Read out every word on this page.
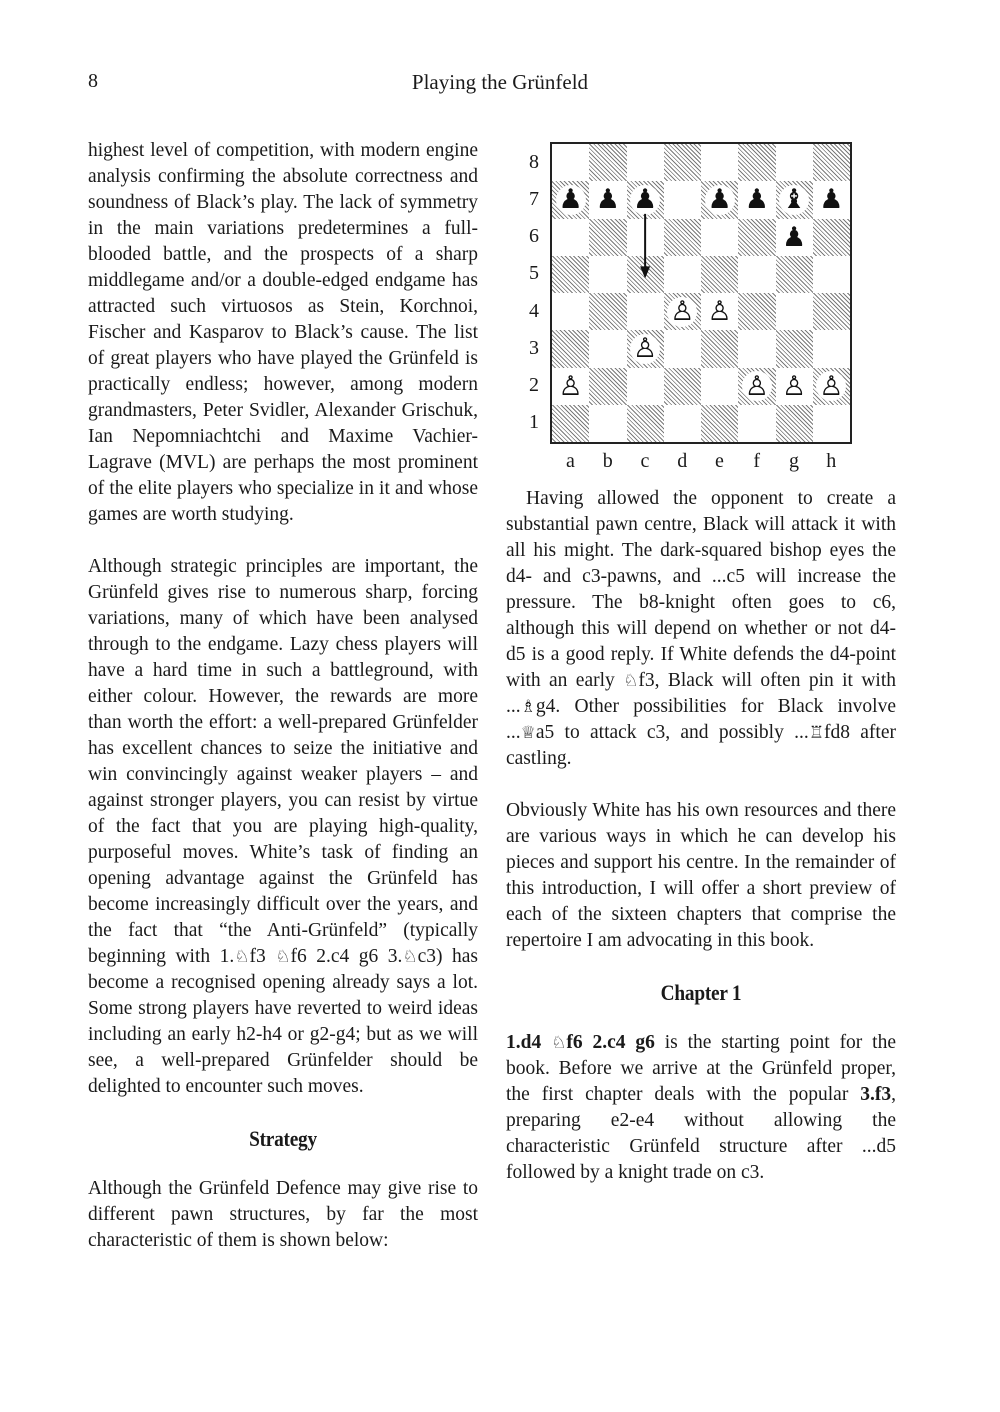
8	Playing the Grünfeld

highest level of competition, with modern engine analysis confirming the absolute correctness and soundness of Black’s play. The lack of symmetry in the main variations predetermines a full-blooded battle, and the prospects of a sharp middlegame and/or a double-edged endgame has attracted such virtuosos as Stein, Korchnoi, Fischer and Kasparov to Black’s cause. The list of great players who have played the Grünfeld is practically endless; however, among modern grandmasters, Peter Svidler, Alexander Grischuk, Ian Nepomniachtchi and Maxime Vachier-Lagrave (MVL) are perhaps the most prominent of the elite players who specialize in it and whose games are worth studying.

Although strategic principles are important, the Grünfeld gives rise to numerous sharp, forcing variations, many of which have been analysed through to the endgame. Lazy chess players will have a hard time in such a battleground, with either colour. However, the rewards are more than worth the effort: a well-prepared Grünfelder has excellent chances to seize the initiative and win convincingly against weaker players – and against stronger players, you can resist by virtue of the fact that you are playing high-quality, purposeful moves. White’s task of finding an opening advantage against the Grünfeld has become increasingly difficult over the years, and the fact that “the Anti-Grünfeld” (typically beginning with 1.♘f3 ♘f6 2.c4 g6 3.♘c3) has become a recognised opening already says a lot. Some strong players have reverted to weird ideas including an early h2-h4 or g2-g4; but as we will see, a well-prepared Grünfelder should be delighted to encounter such moves.

Strategy

Although the Grünfeld Defence may give rise to different pawn structures, by far the most characteristic of them is shown below:

♟ ♟ ♟ ♟ ♟ ♝ ♟
♟
♙ ♙
♙
♙	♙ ♙ ♙
8
7
6
5
4
3
2
1
a	b	c	d	e	f	g	h

Having allowed the opponent to create a substantial pawn centre, Black will attack it with all his might. The dark-squared bishop eyes the d4- and c3-pawns, and ...c5 will increase the pressure. The b8-knight often goes to c6, although this will depend on whether or not d4-d5 is a good reply. If White defends the d4-point with an early ♘f3, Black will often pin it with ...♗g4. Other possibilities for Black involve ...♕a5 to attack c3, and possibly ...♖fd8 after castling.

Obviously White has his own resources and there are various ways in which he can develop his pieces and support his centre. In the remainder of this introduction, I will offer a short preview of each of the sixteen chapters that comprise the repertoire I am advocating in this book.

Chapter 1

1.d4 ♘f6 2.c4 g6 is the starting point for the book. Before we arrive at the Grünfeld proper, the first chapter deals with the popular 3.f3, preparing e2-e4 without allowing the characteristic Grünfeld structure after ...d5 followed by a knight trade on c3.
